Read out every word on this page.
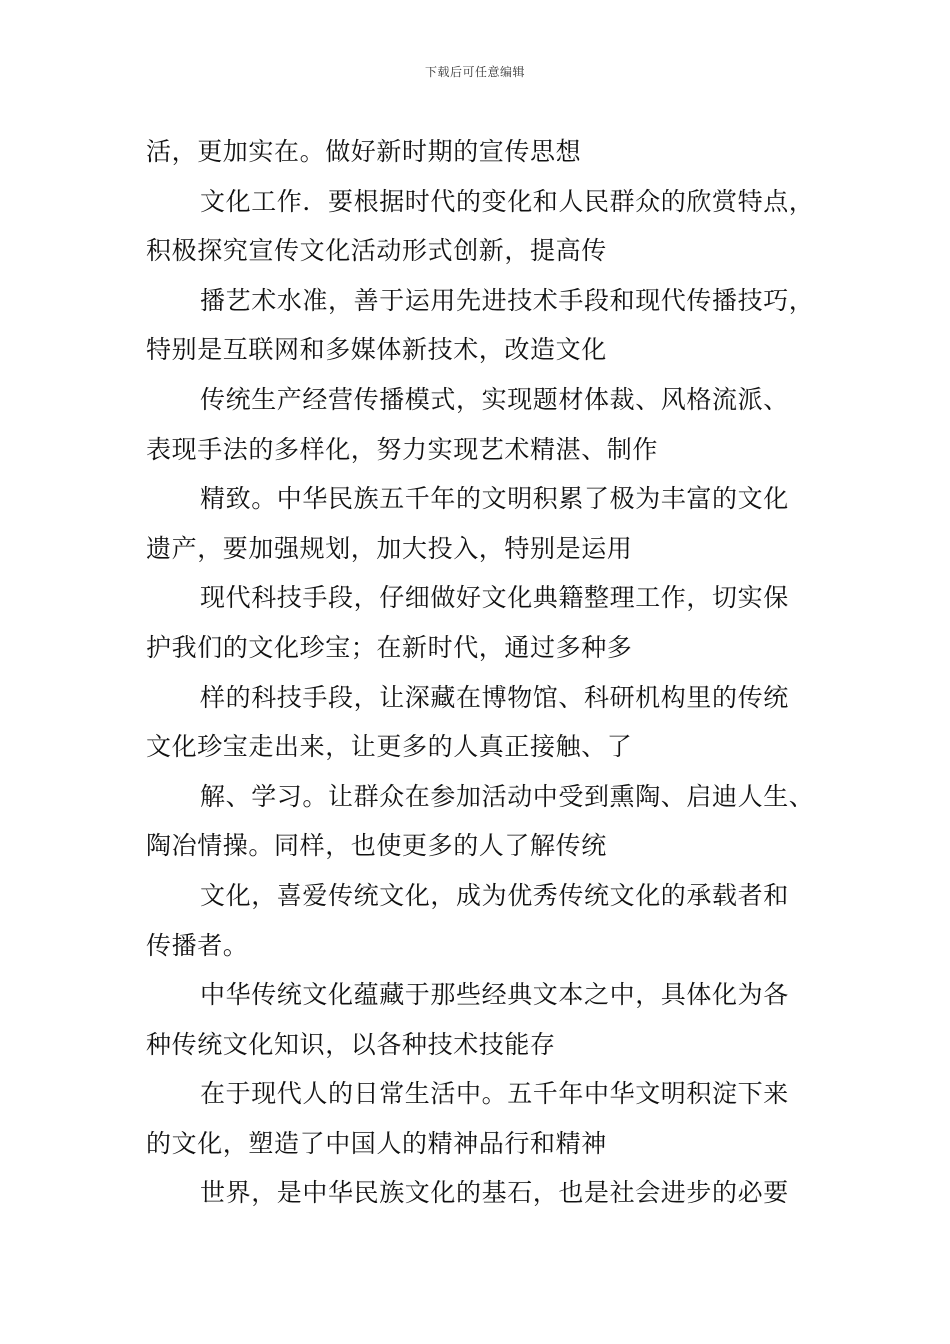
下载后可任意编辑
活，更加实在。做好新时期的宣传思想
文化工作．要根据时代的变化和人民群众的欣赏特点，
积极探究宣传文化活动形式创新，提高传
播艺术水准，善于运用先进技术手段和现代传播技巧，
特别是互联网和多媒体新技术，改造文化
传统生产经营传播模式，实现题材体裁、风格流派、
表现手法的多样化，努力实现艺术精湛、制作
精致。中华民族五千年的文明积累了极为丰富的文化
遗产，要加强规划，加大投入，特别是运用
现代科技手段，仔细做好文化典籍整理工作，切实保
护我们的文化珍宝；在新时代，通过多种多
样的科技手段，让深藏在博物馆、科研机构里的传统
文化珍宝走出来，让更多的人真正接触、了
解、学习。让群众在参加活动中受到熏陶、启迪人生、
陶冶情操。同样，也使更多的人了解传统
文化，喜爱传统文化，成为优秀传统文化的承载者和
传播者。
中华传统文化蕴藏于那些经典文本之中，具体化为各
种传统文化知识，以各种技术技能存
在于现代人的日常生活中。五千年中华文明积淀下来
的文化，塑造了中国人的精神品行和精神
世界，是中华民族文化的基石，也是社会进步的必要
